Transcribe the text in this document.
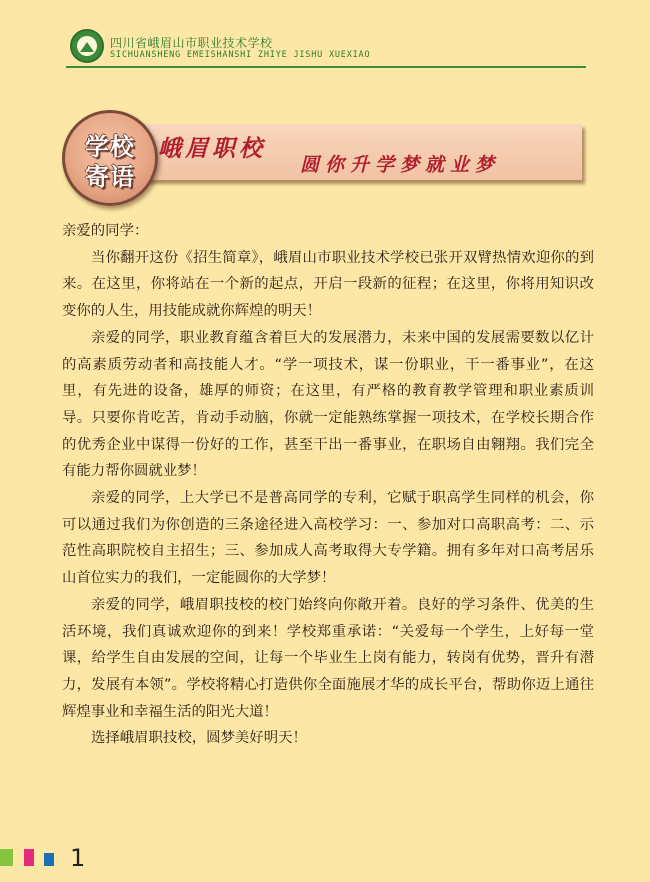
四川省峨眉山市职业技术学校
SICHUANSHENG EMEISHANSHI ZHIYE JISHU XUEXIAO
峨眉职校
圆你升学梦就业梦
学校
寄语

亲爱的同学：

当你翻开这份《招生简章》，峨眉山市职业技术学校已张开双臂热情欢迎你的到来。在这里，你将站在一个新的起点，开启一段新的征程；在这里，你将用知识改变你的人生，用技能成就你辉煌的明天！

亲爱的同学，职业教育蕴含着巨大的发展潜力，未来中国的发展需要数以亿计的高素质劳动者和高技能人才。“学一项技术，谋一份职业，干一番事业”，在这里，有先进的设备，雄厚的师资；在这里，有严格的教育教学管理和职业素质训导。只要你肯吃苦，肯动手动脑，你就一定能熟练掌握一项技术，在学校长期合作的优秀企业中谋得一份好的工作，甚至干出一番事业，在职场自由翱翔。我们完全有能力帮你圆就业梦！

亲爱的同学，上大学已不是普高同学的专利，它赋于职高学生同样的机会，你可以通过我们为你创造的三条途径进入高校学习：一、参加对口高职高考：二、示范性高职院校自主招生；三、参加成人高考取得大专学籍。拥有多年对口高考居乐山首位实力的我们，一定能圆你的大学梦！

亲爱的同学，峨眉职技校的校门始终向你敞开着。良好的学习条件、优美的生活环境，我们真诚欢迎你的到来！学校郑重承诺：“关爱每一个学生，上好每一堂课，给学生自由发展的空间，让每一个毕业生上岗有能力，转岗有优势，晋升有潜力，发展有本领”。学校将精心打造供你全面施展才华的成长平台，帮助你迈上通往辉煌事业和幸福生活的阳光大道！

选择峨眉职技校，圆梦美好明天！

1
